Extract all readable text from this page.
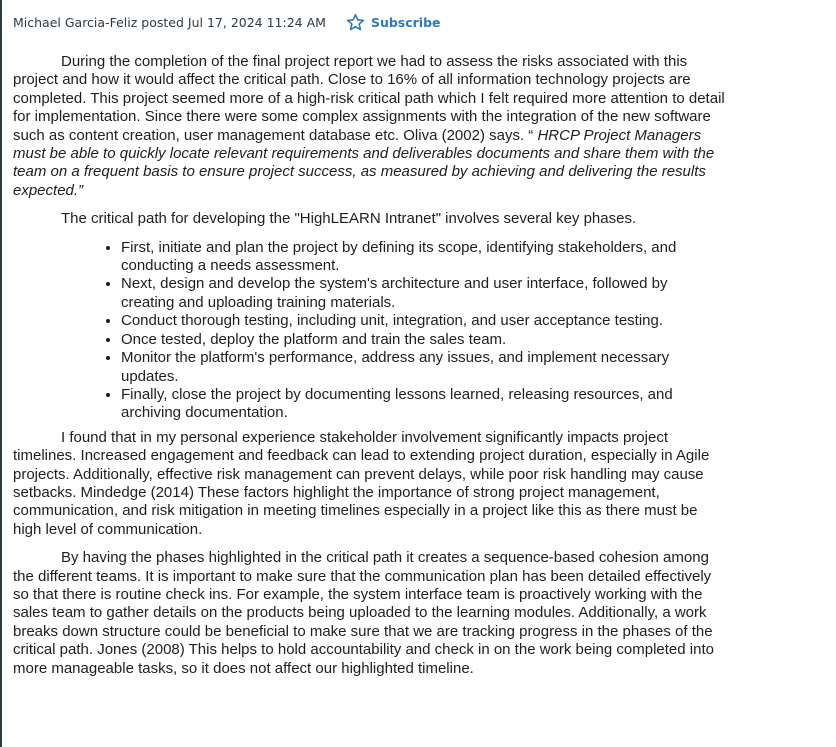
Michael Garcia-Feliz posted Jul 17, 2024 11:24 AM	Subscribe

During the completion of the final project report we had to assess the risks associated with this project and how it would affect the critical path. Close to 16% of all information technology projects are completed. This project seemed more of a high-risk critical path which I felt required more attention to detail for implementation. Since there were some complex assignments with the integration of the new software such as content creation, user management database etc. Oliva (2002) says. “ HRCP Project Managers must be able to quickly locate relevant requirements and deliverables documents and share them with the team on a frequent basis to ensure project success, as measured by achieving and delivering the results expected.”

The critical path for developing the "HighLEARN Intranet" involves several key phases.

• First, initiate and plan the project by defining its scope, identifying stakeholders, and conducting a needs assessment.
• Next, design and develop the system's architecture and user interface, followed by creating and uploading training materials.
• Conduct thorough testing, including unit, integration, and user acceptance testing.
• Once tested, deploy the platform and train the sales team.
• Monitor the platform's performance, address any issues, and implement necessary updates.
• Finally, close the project by documenting lessons learned, releasing resources, and archiving documentation.

I found that in my personal experience stakeholder involvement significantly impacts project timelines. Increased engagement and feedback can lead to extending project duration, especially in Agile projects. Additionally, effective risk management can prevent delays, while poor risk handling may cause setbacks. Mindedge (2014) These factors highlight the importance of strong project management, communication, and risk mitigation in meeting timelines especially in a project like this as there must be high level of communication.

By having the phases highlighted in the critical path it creates a sequence-based cohesion among the different teams. It is important to make sure that the communication plan has been detailed effectively so that there is routine check ins. For example, the system interface team is proactively working with the sales team to gather details on the products being uploaded to the learning modules. Additionally, a work breaks down structure could be beneficial to make sure that we are tracking progress in the phases of the critical path. Jones (2008) This helps to hold accountability and check in on the work being completed into more manageable tasks, so it does not affect our highlighted timeline.
